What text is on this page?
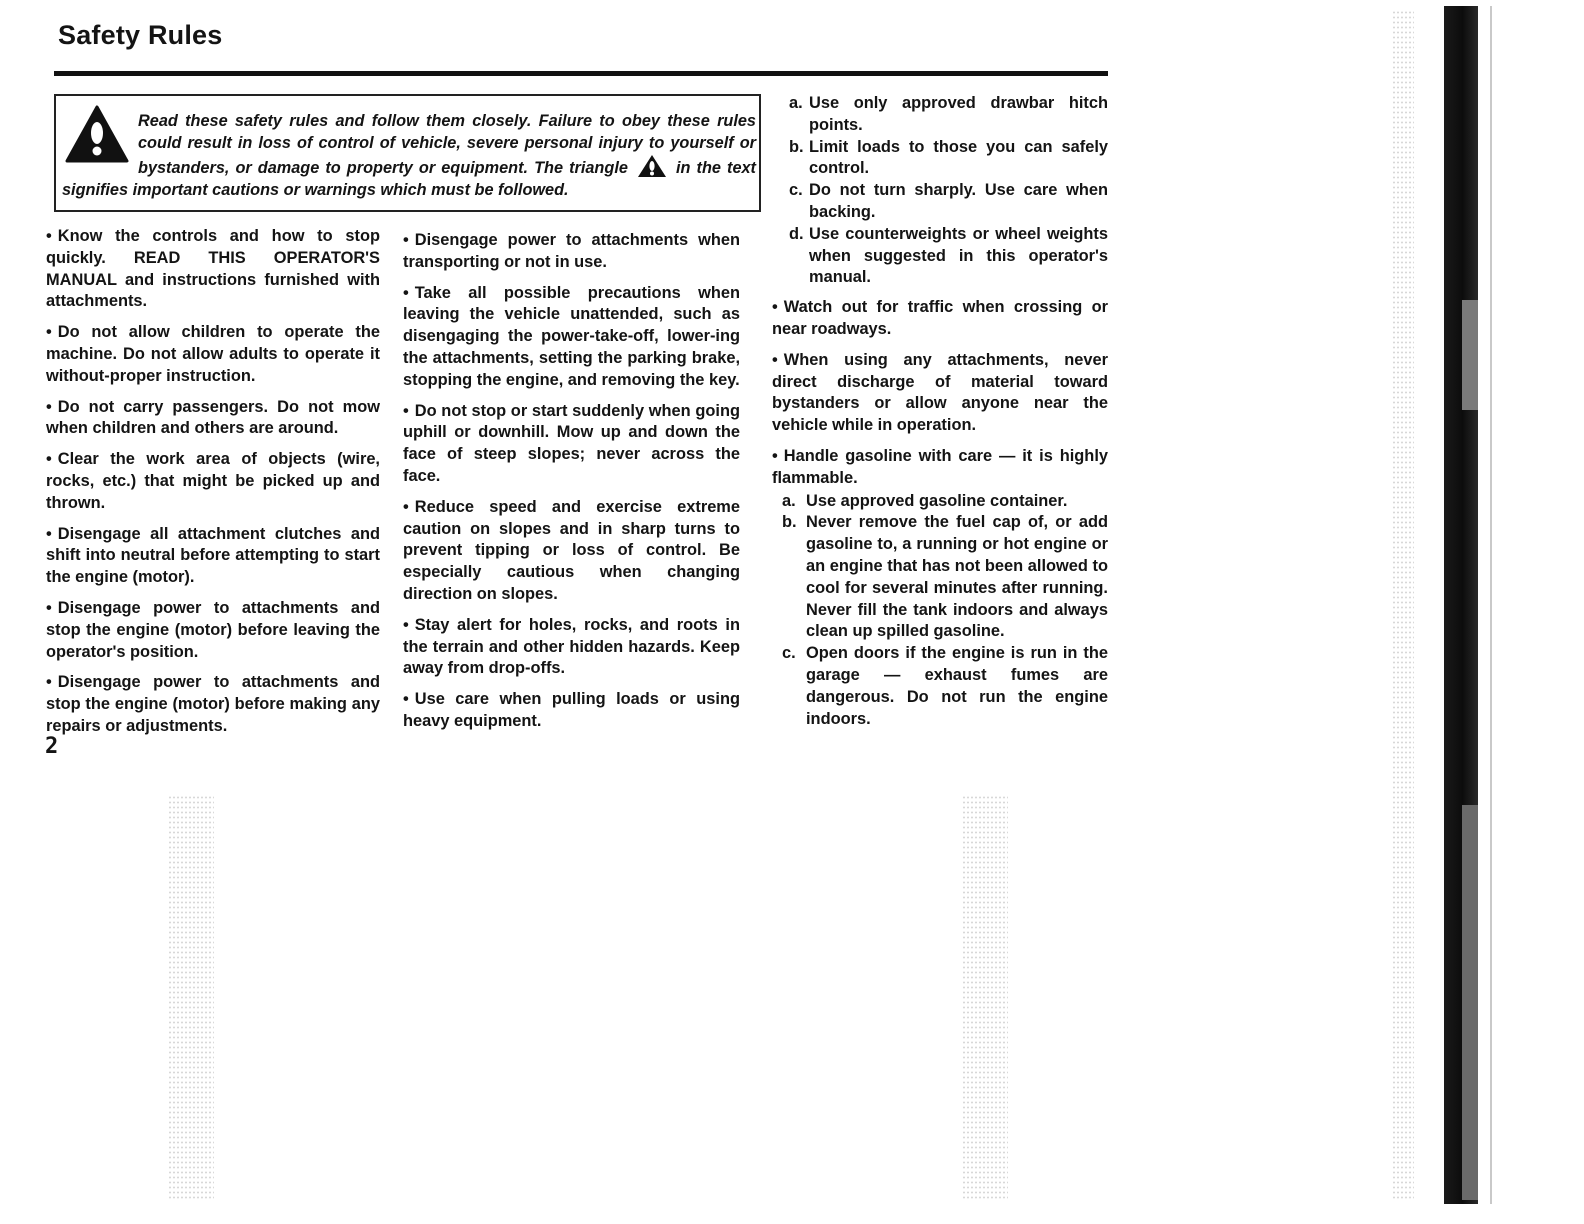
Safety Rules
Read these safety rules and follow them closely. Failure to obey these rules could result in loss of control of vehicle, severe personal injury to yourself or bystanders, or damage to property or equipment. The triangle	in the text signifies important cautions or warnings which must be followed.

• Know the controls and how to stop quickly. READ THIS OPERATOR'S MANUAL and instructions furnished with attachments.

• Do not allow children to operate the machine. Do not allow adults to operate it without-proper instruction.

• Do not carry passengers. Do not mow when children and others are around.

• Clear the work area of objects (wire, rocks, etc.) that might be picked up and thrown.

• Disengage all attachment clutches and shift into neutral before attempting to start the engine (motor).

• Disengage power to attachments and stop the engine (motor) before leaving the operator's position.

• Disengage power to attachments and stop the engine (motor) before making any repairs or adjustments.

• Disengage power to attachments when transporting or not in use.

• Take all possible precautions when leaving the vehicle unattended, such as disengaging the power-take-off, lower-ing the attachments, setting the parking brake, stopping the engine, and removing the key.

• Do not stop or start suddenly when going uphill or downhill. Mow up and down the face of steep slopes; never across the face.

• Reduce speed and exercise extreme caution on slopes and in sharp turns to prevent tipping or loss of control. Be especially cautious when changing direction on slopes.

• Stay alert for holes, rocks, and roots in the terrain and other hidden hazards. Keep away from drop-offs.

• Use care when pulling loads or using heavy equipment.

a. Use only approved drawbar hitch points.

b. Limit loads to those you can safely control.

c. Do not turn sharply. Use care when backing.

d. Use counterweights or wheel weights when suggested in this operator's manual.

• Watch out for traffic when crossing or near roadways.

• When using any attachments, never direct discharge of material toward bystanders or allow anyone near the vehicle while in operation.

• Handle gasoline with care — it is highly flammable.

a. Use approved gasoline container.

b. Never remove the fuel cap of, or add gasoline to, a running or hot engine or an engine that has not been allowed to cool for several minutes after running. Never fill the tank indoors and always clean up spilled gasoline.

c. Open doors if the engine is run in the garage — exhaust fumes are dangerous. Do not run the engine indoors.

2
